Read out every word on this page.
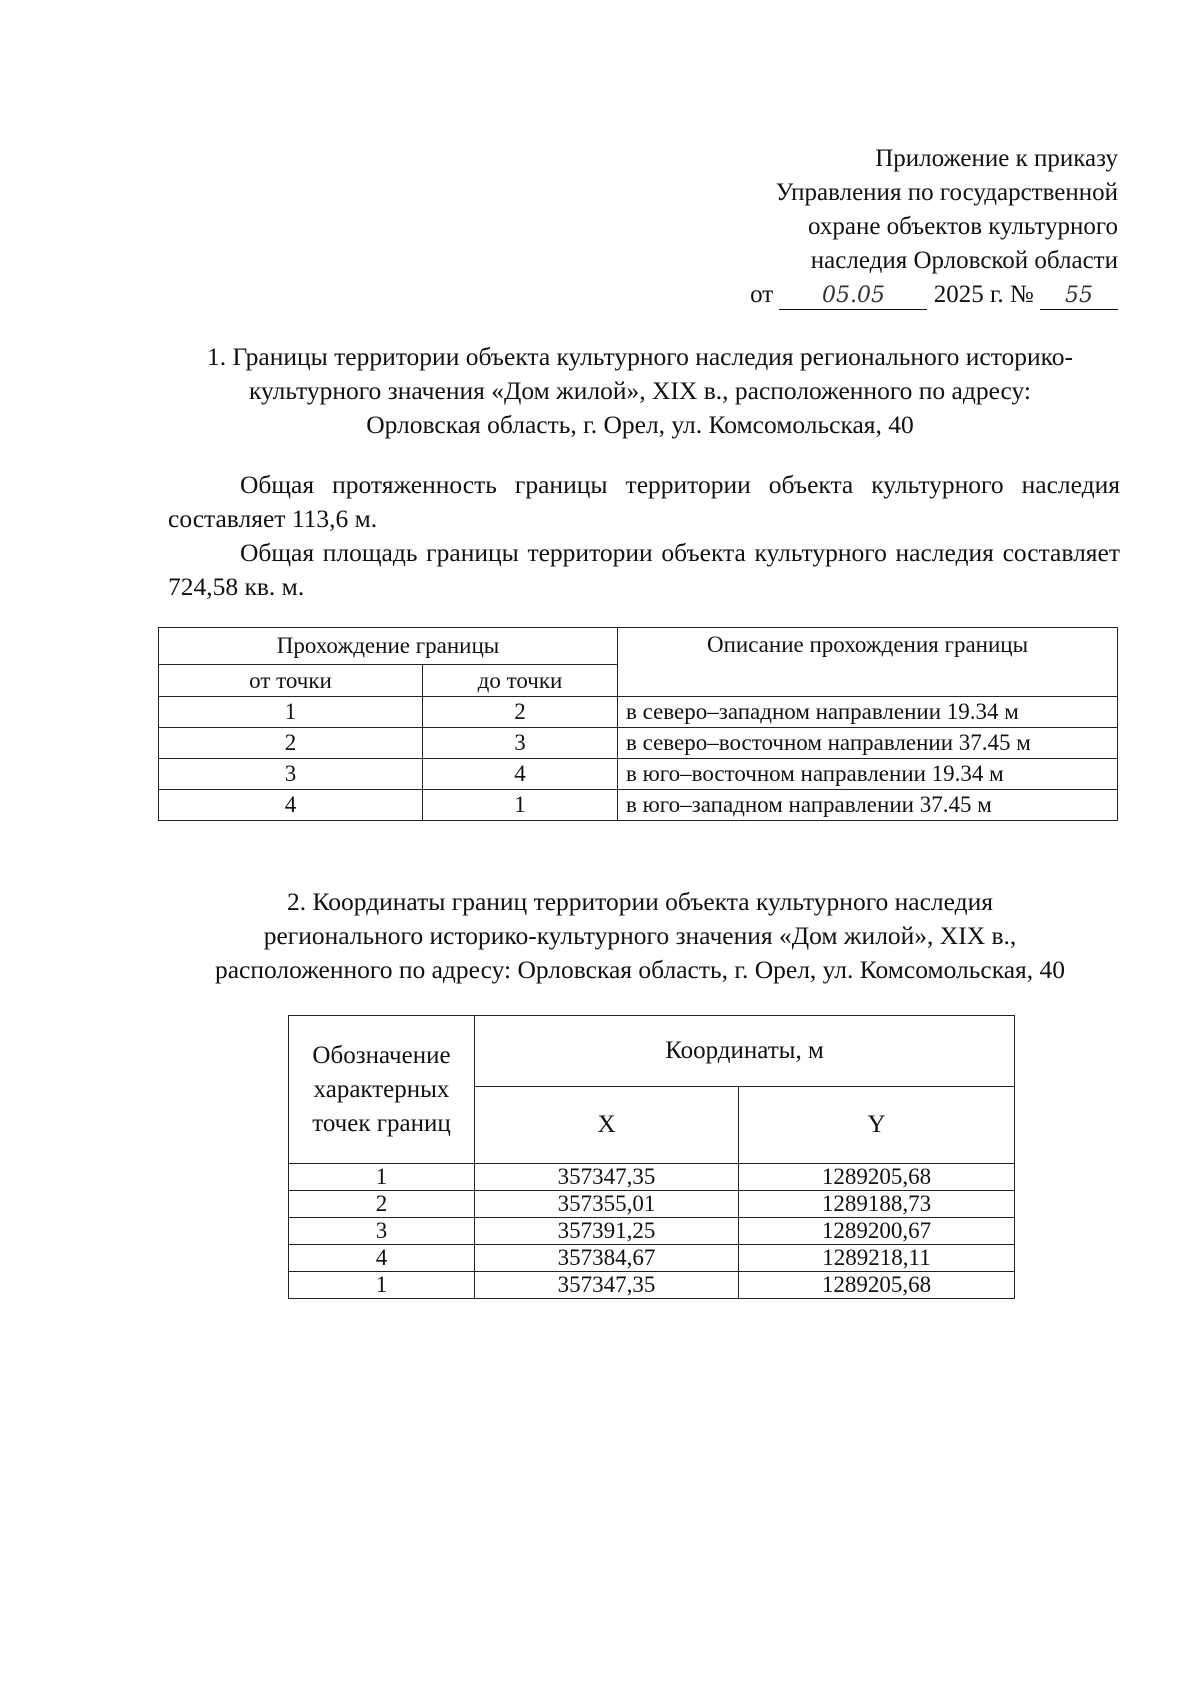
Приложение к приказу
Управления по государственной
охране объектов культурного
наследия Орловской области
от 05.05 2025 г. № 55
1. Границы территории объекта культурного наследия регионального историко-
культурного значения «Дом жилой», XIX в., расположенного по адресу:
Орловская область, г. Орел, ул. Комсомольская, 40
Общая протяженность границы территории объекта культурного наследия составляет 113,6 м.
Общая площадь границы территории объекта культурного наследия составляет 724,58 кв. м.
Прохождение границы		Описание прохождения границы
от точки	до точки	
1	2	в северо–западном направлении 19.34 м
2	3	в северо–восточном направлении 37.45 м
3	4	в юго–восточном направлении 19.34 м
4	1	в юго–западном направлении 37.45 м
2. Координаты границ территории объекта культурного наследия
регионального историко-культурного значения «Дом жилой», XIX в.,
расположенного по адресу: Орловская область, г. Орел, ул. Комсомольская, 40
Обозначение характерных точек границ	Координаты, м	
	X	Y
1	357347,35	1289205,68
2	357355,01	1289188,73
3	357391,25	1289200,67
4	357384,67	1289218,11
1	357347,35	1289205,68
